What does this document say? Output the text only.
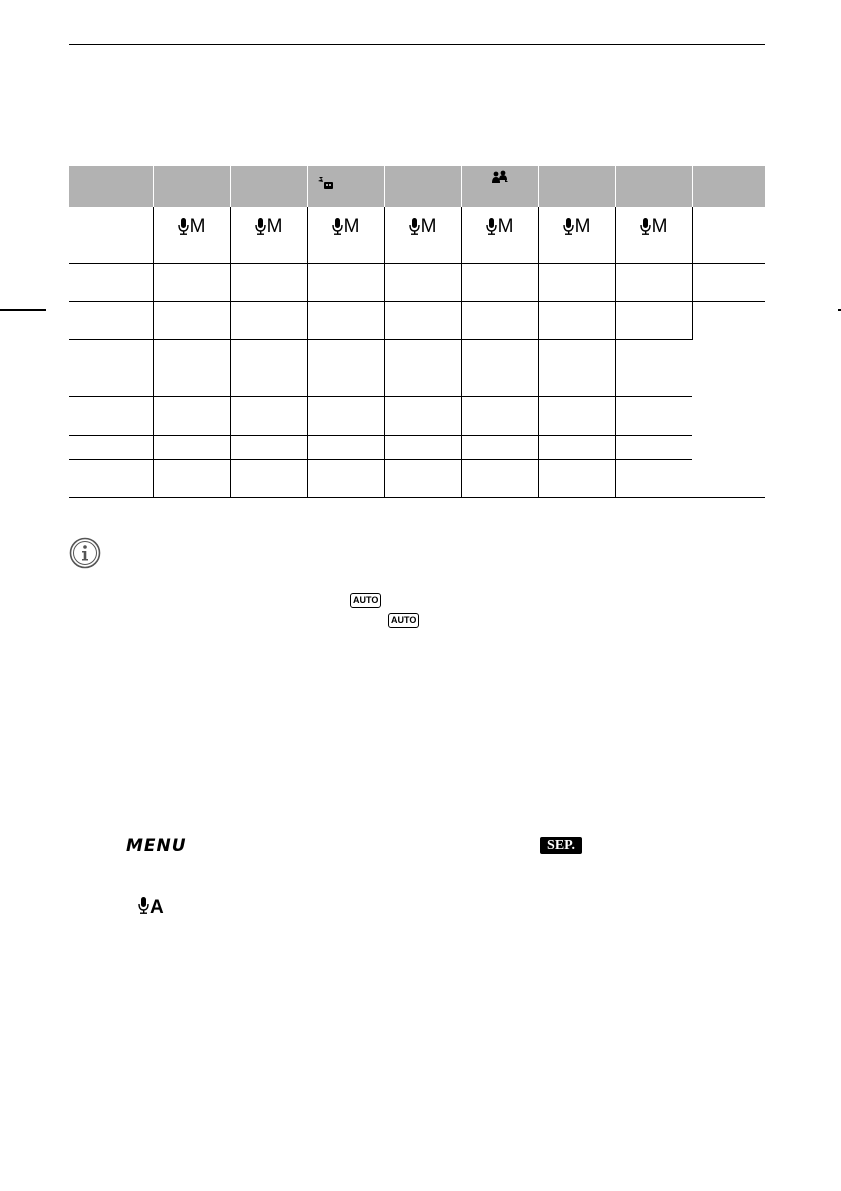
	M	M	M	M	M	M	M	

AUTO
AUTO
MENU	SEP.
A
